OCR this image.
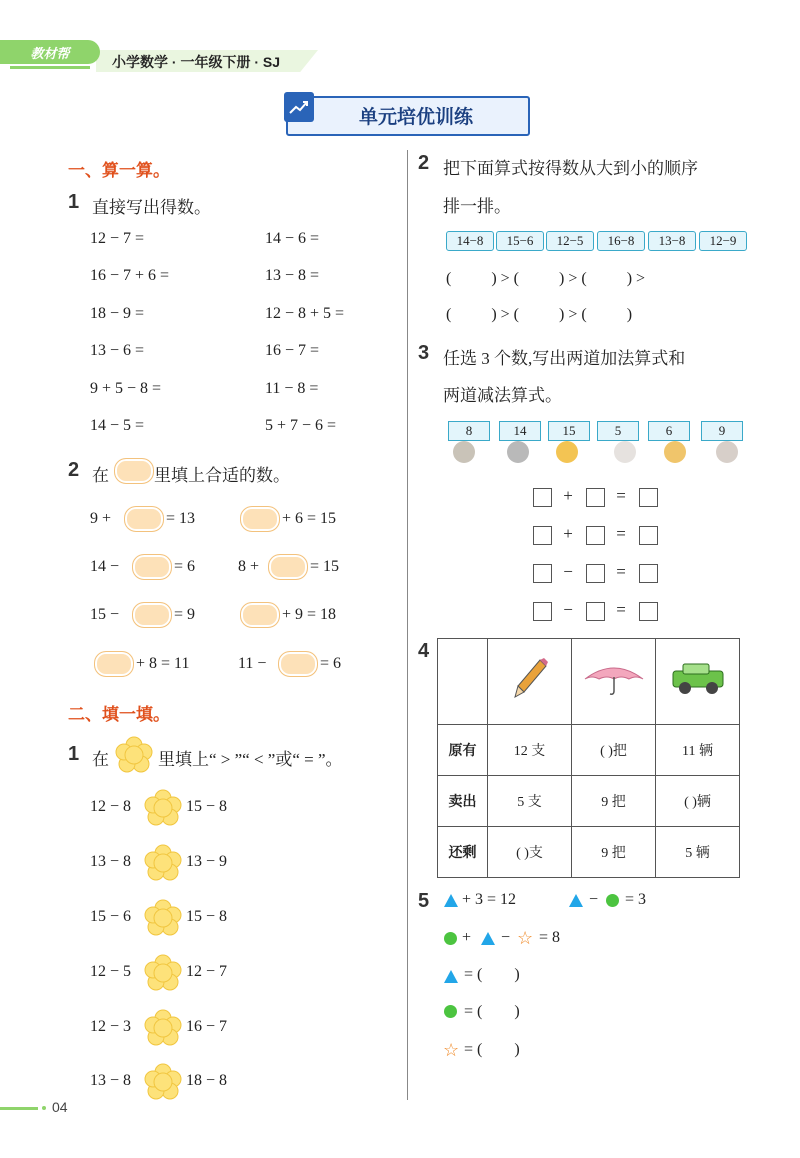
教材帮
小学数学 · 一年级下册 · SJ
单元培优训练
一、算一算。
1 直接写出得数。
12 − 7 =	14 − 6 =
16 − 7 + 6 =	13 − 8 =
18 − 9 =	12 − 8 + 5 =
13 − 6 =	16 − 7 =
9 + 5 − 8 =	11 − 8 =
14 − 5 =	5 + 7 − 6 =
2 在	里填上合适的数。
9 +	= 13	+ 6 = 15
14 −	= 6	8 +	= 15
15 −	= 9	+ 9 = 18
+ 8 = 11	11 −	= 6
二、填一填。
1 在	里填上“ > ”“ < ”或“ = ”。
12 − 8	15 − 8
13 − 8	13 − 9
15 − 6	15 − 8
12 − 5	12 − 7
12 − 3	16 − 7
13 − 8	18 − 8
2 把下面算式按得数从大到小的顺序
排一排。
14−8	15−6	12−5	16−8	13−8	12−9
(          ) > (          ) > (          ) >
(          ) > (          ) > (          )
3 任选 3 个数,写出两道加法算式和
两道减法算式。
8	14	15	5	6	9
+	=
+	=
−	=
−	=
4

原有	12 支	( )把	11 辆
卖出	5 支	9 把	( )辆
还剩	( )支	9 把	5 辆
5 + 3 = 12	− = 3
+ − ☆ = 8
= (        )
= (        )
☆ = (        )
04
